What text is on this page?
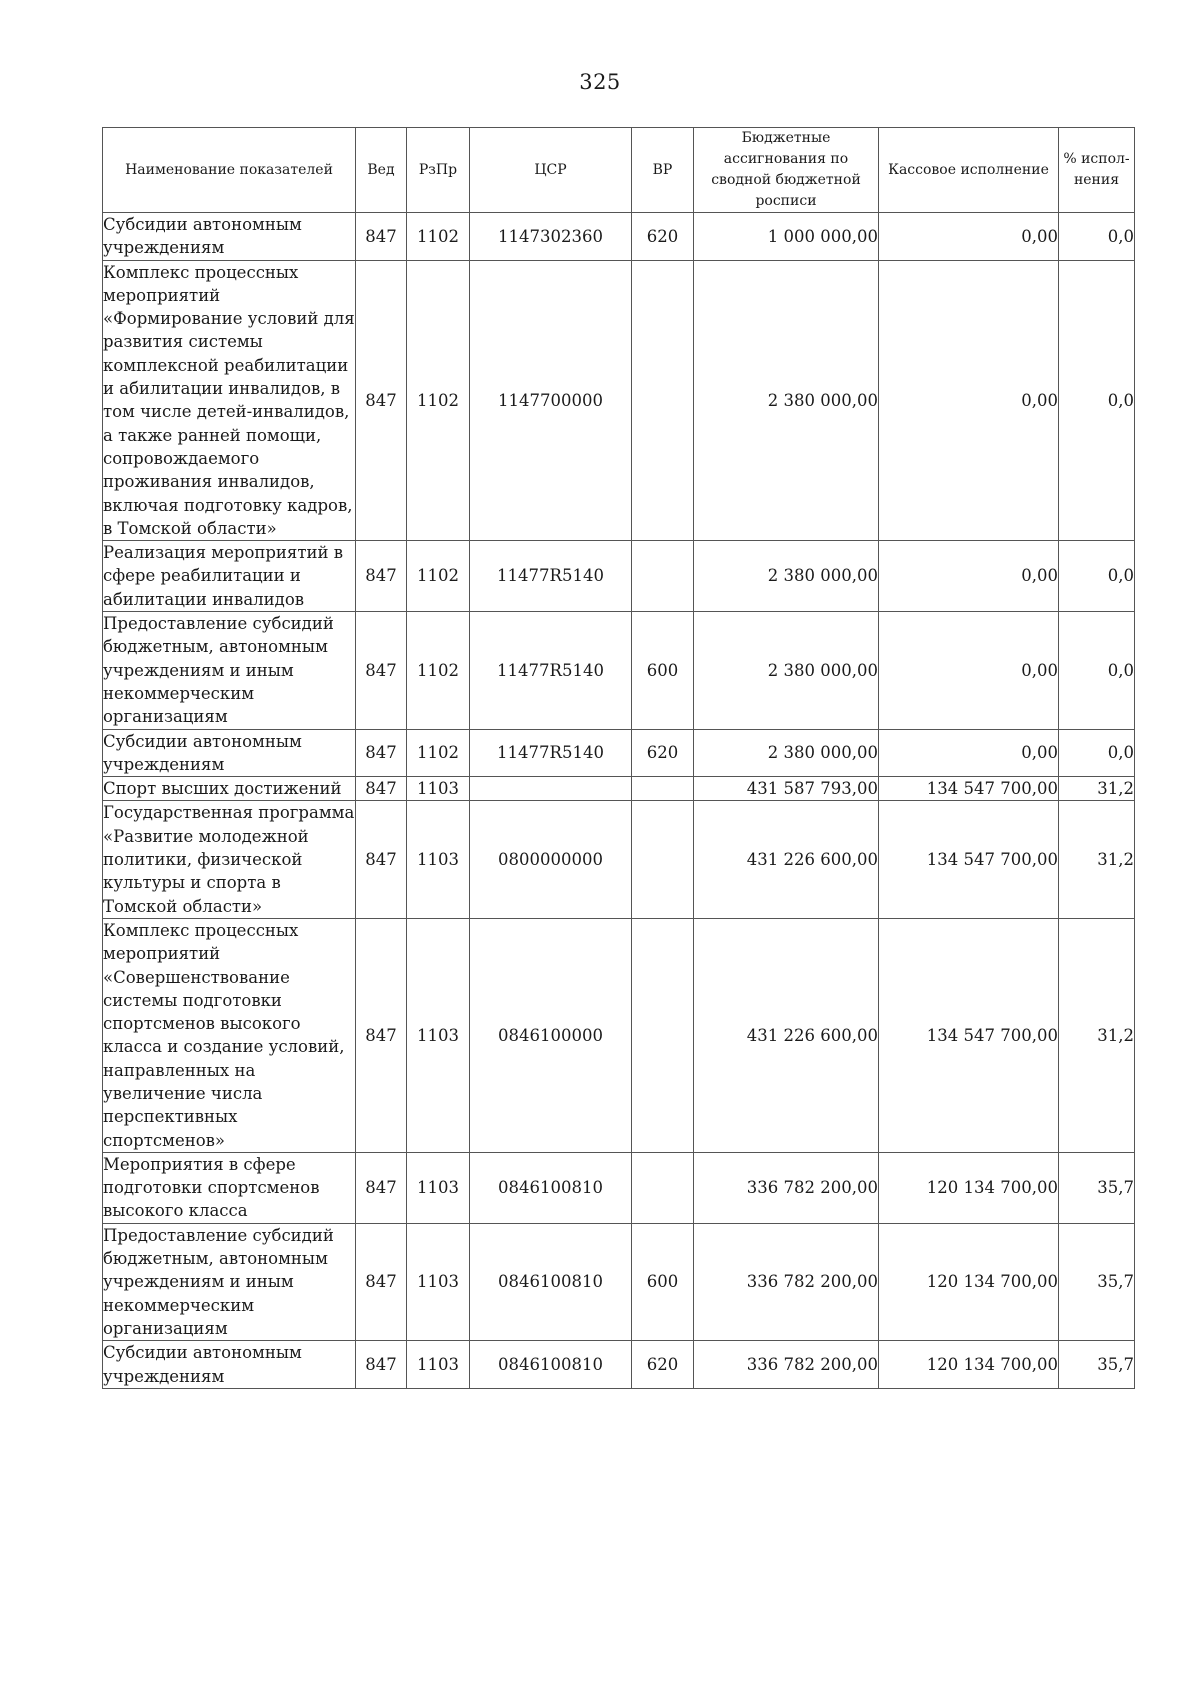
325
Наименование показателей	Вед	РзПр	ЦСР	ВР	Бюджетные ассигнования по сводной бюджетной росписи	Кассовое исполнение	% испол- нения
Субсидии автономным учреждениям	847	1102	1147302360	620	1 000 000,00	0,00	0,0
Комплекс процессных мероприятий «Формирование условий для развития системы комплексной реабилитации и абилитации инвалидов, в том числе детей-инвалидов, а также ранней помощи, сопровождаемого проживания инвалидов, включая подготовку кадров, в Томской области»	847	1102	1147700000		2 380 000,00	0,00	0,0
Реализация мероприятий в сфере реабилитации и абилитации инвалидов	847	1102	11477R5140		2 380 000,00	0,00	0,0
Предоставление субсидий бюджетным, автономным учреждениям и иным некоммерческим организациям	847	1102	11477R5140	600	2 380 000,00	0,00	0,0
Субсидии автономным учреждениям	847	1102	11477R5140	620	2 380 000,00	0,00	0,0
Спорт высших достижений	847	1103			431 587 793,00	134 547 700,00	31,2
Государственная программа «Развитие молодежной политики, физической культуры и спорта в Томской области»	847	1103	0800000000		431 226 600,00	134 547 700,00	31,2
Комплекс процессных мероприятий «Совершенствование системы подготовки спортсменов высокого класса и создание условий, направленных на увеличение числа перспективных спортсменов»	847	1103	0846100000		431 226 600,00	134 547 700,00	31,2
Мероприятия в сфере подготовки спортсменов высокого класса	847	1103	0846100810		336 782 200,00	120 134 700,00	35,7
Предоставление субсидий бюджетным, автономным учреждениям и иным некоммерческим организациям	847	1103	0846100810	600	336 782 200,00	120 134 700,00	35,7
Субсидии автономным учреждениям	847	1103	0846100810	620	336 782 200,00	120 134 700,00	35,7
